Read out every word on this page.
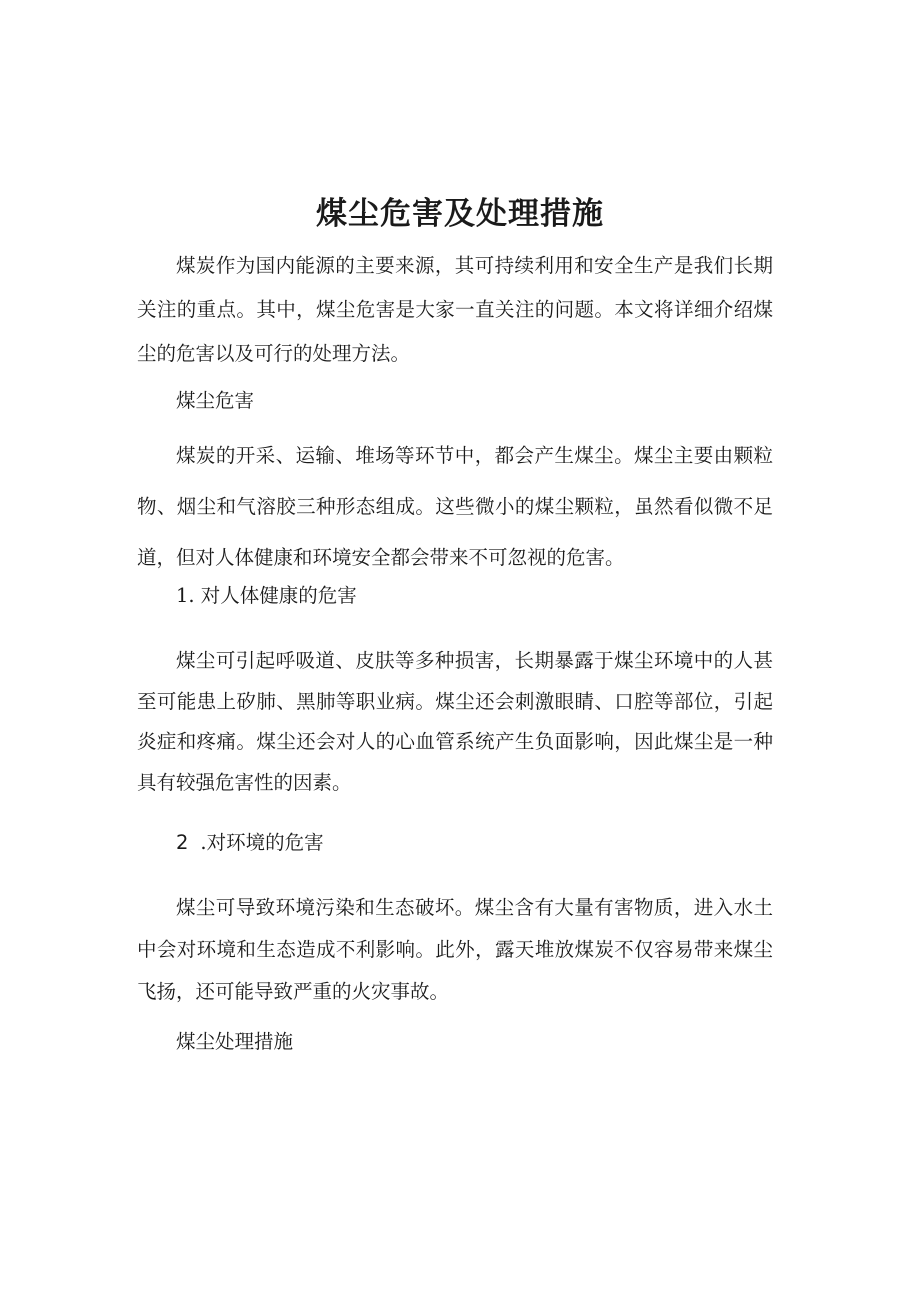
煤尘危害及处理措施

煤炭作为国内能源的主要来源，其可持续利用和安全生产是我们长期关注的重点。其中，煤尘危害是大家一直关注的问题。本文将详细介绍煤尘的危害以及可行的处理方法。

煤尘危害

煤炭的开采、运输、堆场等环节中，都会产生煤尘。煤尘主要由颗粒物、烟尘和气溶胶三种形态组成。这些微小的煤尘颗粒，虽然看似微不足道，但对人体健康和环境安全都会带来不可忽视的危害。

1. 对人体健康的危害

煤尘可引起呼吸道、皮肤等多种损害，长期暴露于煤尘环境中的人甚至可能患上矽肺、黑肺等职业病。煤尘还会刺激眼睛、口腔等部位，引起炎症和疼痛。煤尘还会对人的心血管系统产生负面影响，因此煤尘是一种具有较强危害性的因素。

2 .对环境的危害

煤尘可导致环境污染和生态破坏。煤尘含有大量有害物质，进入水土中会对环境和生态造成不利影响。此外，露天堆放煤炭不仅容易带来煤尘飞扬，还可能导致严重的火灾事故。

煤尘处理措施
